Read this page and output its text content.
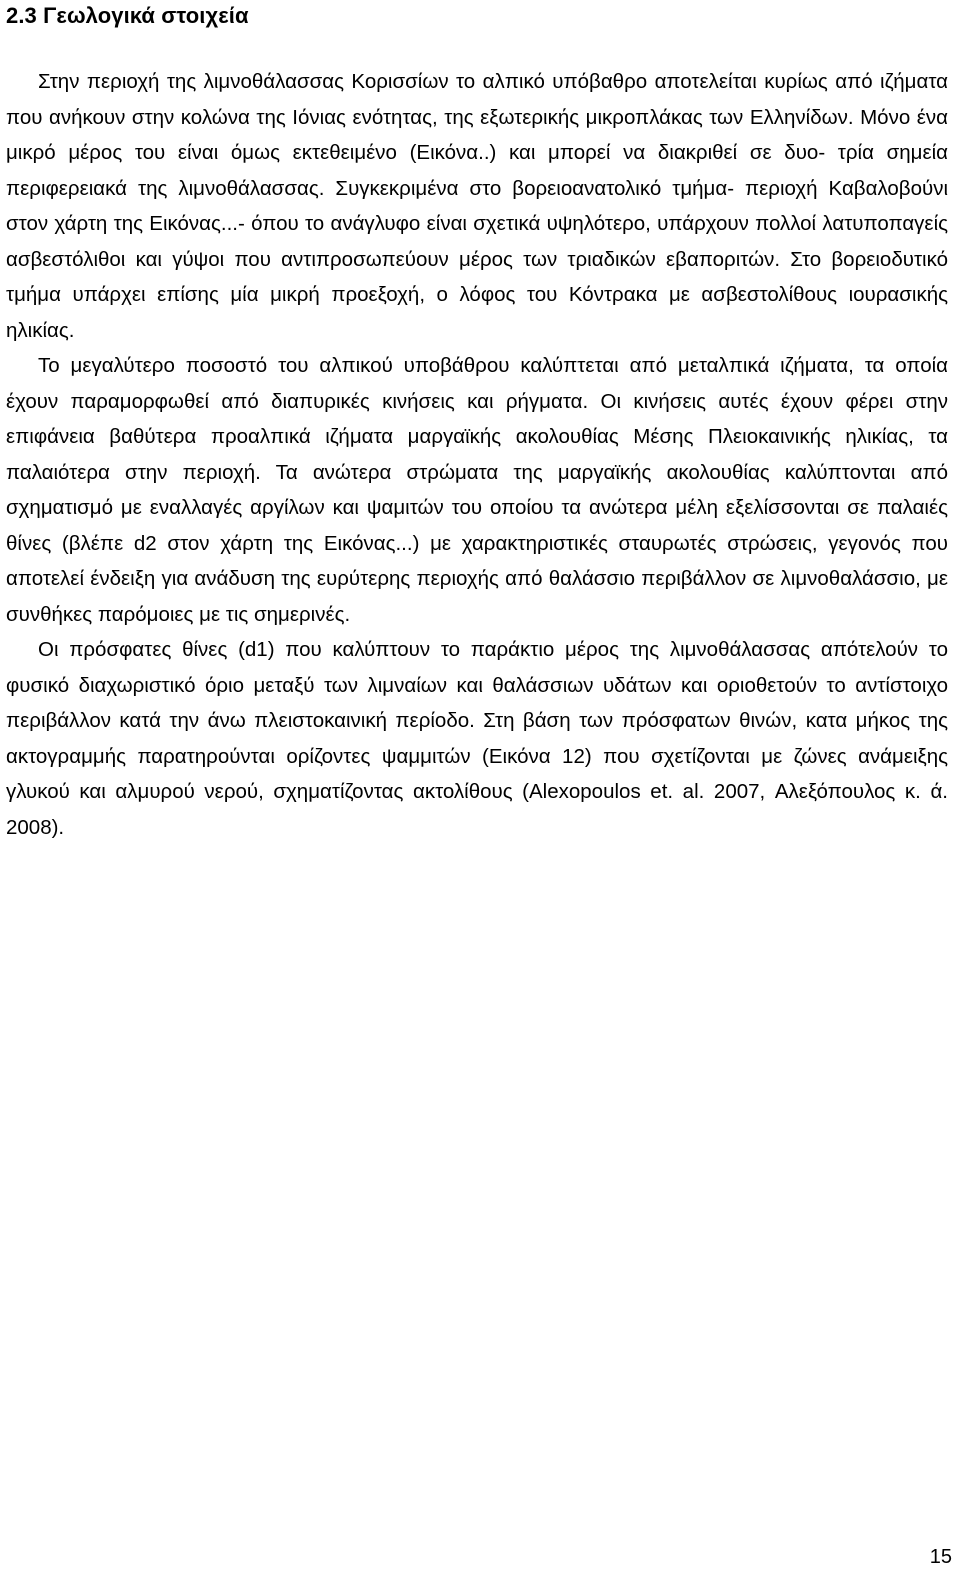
2.3 Γεωλογικά στοιχεία

Στην περιοχή της λιμνοθάλασσας Κορισσίων το αλπικό υπόβαθρο αποτελείται κυρίως από ιζήματα που ανήκουν στην κολώνα της Ιόνιας ενότητας, της εξωτερικής μικροπλάκας των Ελληνίδων. Μόνο ένα μικρό μέρος του είναι όμως εκτεθειμένο (Εικόνα..) και μπορεί να διακριθεί σε δυο- τρία σημεία περιφερειακά της λιμνοθάλασσας. Συγκεκριμένα στο βορειοανατολικό τμήμα- περιοχή Καβαλοβούνι στον χάρτη της Εικόνας...- όπου το ανάγλυφο είναι σχετικά υψηλότερο, υπάρχουν πολλοί λατυποπαγείς ασβεστόλιθοι και γύψοι που αντιπροσωπεύουν μέρος των τριαδικών εβαποριτών. Στο βορειοδυτικό τμήμα υπάρχει επίσης μία μικρή προεξοχή, ο λόφος του Κόντρακα με ασβεστολίθους ιουρασικής ηλικίας.

Το μεγαλύτερο ποσοστό του αλπικού υποβάθρου καλύπτεται από μεταλπικά ιζήματα, τα οποία έχουν παραμορφωθεί από διαπυρικές κινήσεις και ρήγματα. Οι κινήσεις αυτές έχουν φέρει στην επιφάνεια βαθύτερα προαλπικά ιζήματα μαργαϊκής ακολουθίας Μέσης Πλειοκαινικής ηλικίας, τα παλαιότερα στην περιοχή. Τα ανώτερα στρώματα της μαργαϊκής ακολουθίας καλύπτονται από σχηματισμό με εναλλαγές αργίλων και ψαμιτών του οποίου τα ανώτερα μέλη εξελίσσονται σε παλαιές θίνες (βλέπε d2 στον χάρτη της Εικόνας...) με χαρακτηριστικές σταυρωτές στρώσεις, γεγονός που αποτελεί ένδειξη για ανάδυση της ευρύτερης περιοχής από θαλάσσιο περιβάλλον σε λιμνοθαλάσσιο, με συνθήκες παρόμοιες με τις σημερινές.

Οι πρόσφατες θίνες (d1) που καλύπτουν το παράκτιο μέρος της λιμνοθάλασσας απότελούν το φυσικό διαχωριστικό όριο μεταξύ των λιμναίων και θαλάσσιων υδάτων και οριοθετούν το αντίστοιχο περιβάλλον κατά την άνω πλειστοκαινική περίοδο. Στη βάση των πρόσφατων θινών, κατα μήκος της ακτογραμμής παρατηρούνται ορίζοντες ψαμμιτών (Εικόνα 12) που σχετίζονται με ζώνες ανάμειξης γλυκού και αλμυρού νερού, σχηματίζοντας ακτολίθους (Alexopoulos et. al. 2007, Αλεξόπουλος κ. ά. 2008).

15
